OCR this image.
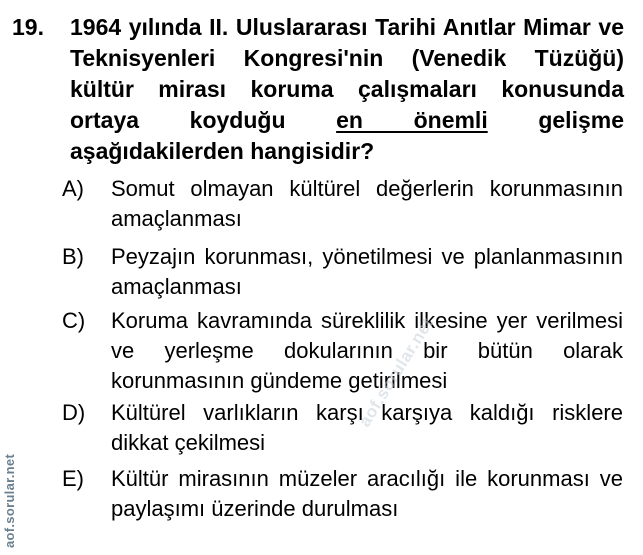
19. 1964 yılında II. Uluslararası Tarihi Anıtlar Mimar ve Teknisyenleri Kongresi'nin (Venedik Tüzüğü) kültür mirası koruma çalışmaları konusunda ortaya koyduğu en önemli gelişme aşağıdakilerden hangisidir?
A) Somut olmayan kültürel değerlerin korunmasının amaçlanması
B) Peyzajın korunması, yönetilmesi ve planlanmasının amaçlanması
C) Koruma kavramında süreklilik ilkesine yer verilmesi ve yerleşme dokularının bir bütün olarak korunmasının gündeme getirilmesi
D) Kültürel varlıkların karşı karşıya kaldığı risklere dikkat çekilmesi
E) Kültür mirasının müzeler aracılığı ile korunması ve paylaşımı üzerinde durulması
aof.sorular.net
aof.sorular.net
